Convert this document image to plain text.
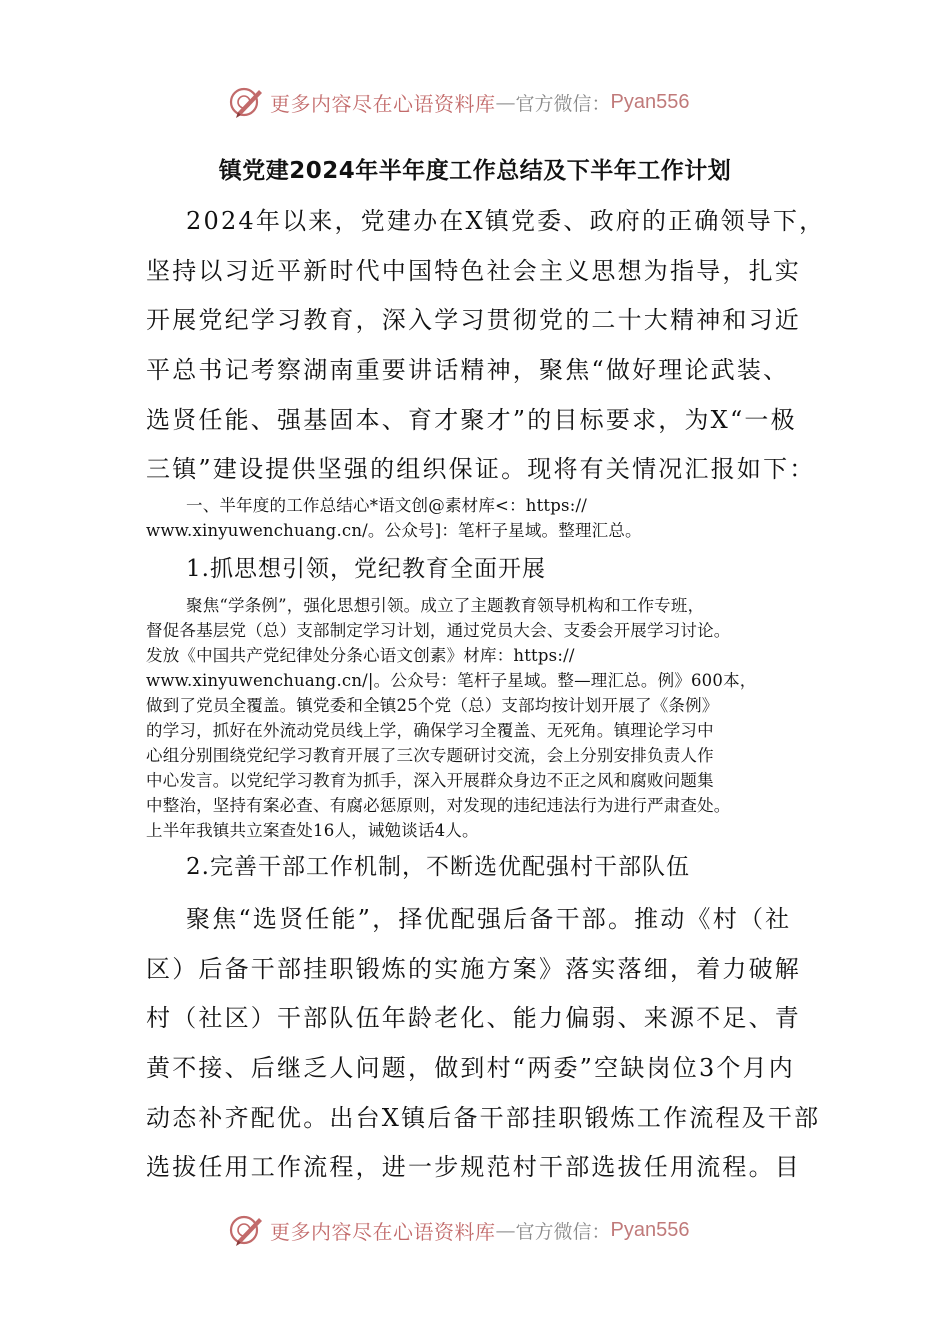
更多内容尽在心语资料库 — 官方微信： Pyan556
镇党建2024年半年度工作总结及下半年工作计划
2024年以来，党建办在X镇党委、政府的正确领导下，
坚持以习近平新时代中国特色社会主义思想为指导，扎实
开展党纪学习教育，深入学习贯彻党的二十大精神和习近
平总书记考察湖南重要讲话精神，聚焦“做好理论武装、
选贤任能、强基固本、育才聚才”的目标要求，为X“一极
三镇”建设提供坚强的组织保证。现将有关情况汇报如下：
一、半年度的工作总结心*语文创@素材库<：https://
www.xinyuwenchuang.cn/。公众号]：笔杆子星域。整理汇总。
1.抓思想引领，党纪教育全面开展
聚焦“学条例”，强化思想引领。成立了主题教育领导机构和工作专班，
督促各基层党（总）支部制定学习计划，通过党员大会、支委会开展学习讨论。
发放《中国共产党纪律处分条心语文创素》材库：https://
www.xinyuwenchuang.cn/|。公众号：笔杆子星域。整—理汇总。例》600本，
做到了党员全覆盖。镇党委和全镇25个党（总）支部均按计划开展了《条例》
的学习，抓好在外流动党员线上学，确保学习全覆盖、无死角。镇理论学习中
心组分别围绕党纪学习教育开展了三次专题研讨交流，会上分别安排负责人作
中心发言。以党纪学习教育为抓手，深入开展群众身边不正之风和腐败问题集
中整治，坚持有案必查、有腐必惩原则，对发现的违纪违法行为进行严肃查处。
上半年我镇共立案查处16人，诫勉谈话4人。
2.完善干部工作机制，不断选优配强村干部队伍
聚焦“选贤任能”，择优配强后备干部。推动《村（社
区）后备干部挂职锻炼的实施方案》落实落细，着力破解
村（社区）干部队伍年龄老化、能力偏弱、来源不足、青
黄不接、后继乏人问题，做到村“两委”空缺岗位3个月内
动态补齐配优。出台X镇后备干部挂职锻炼工作流程及干部
选拔任用工作流程，进一步规范村干部选拔任用流程。目
更多内容尽在心语资料库 — 官方微信： Pyan556
